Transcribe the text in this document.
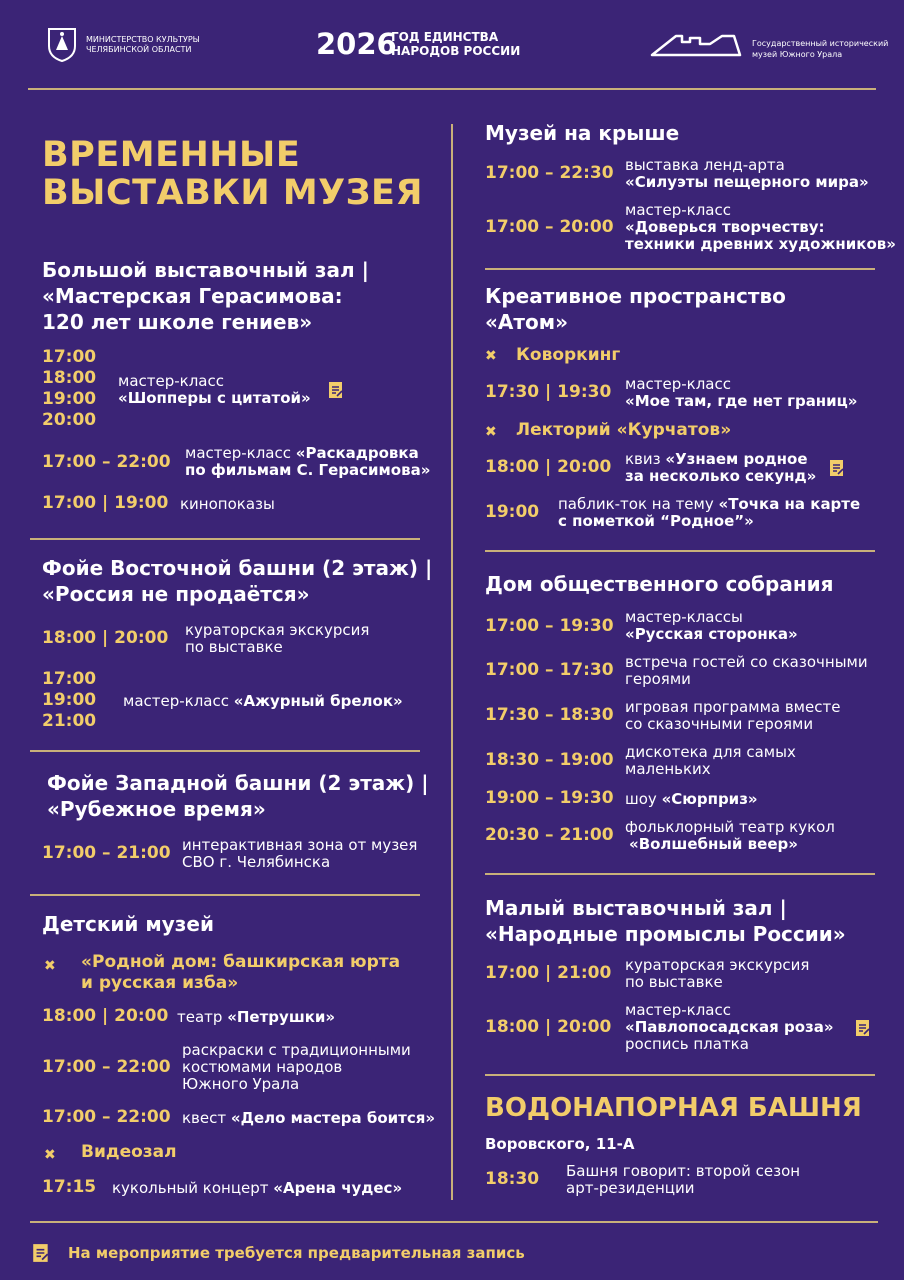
МИНИСТЕРСТВО КУЛЬТУРЫ
ЧЕЛЯБИНСКОЙ ОБЛАСТИ	2026
ГОД ЕДИНСТВА
НАРОДОВ РОССИИ
Государственный исторический
музей Южного Урала
ВРЕМЕННЫЕ
ВЫСТАВКИ МУЗЕЯ
Большой выставочный зал |
«Мастерская Герасимова:
120 лет школе гениев»
17:00
18:00
19:00
20:00
мастер-класс
«Шопперы с цитатой»
17:00 – 22:00 мастер-класс «Раскадровка
по фильмам С. Герасимова»
17:00 | 19:00 кинопоказы
Фойе Восточной башни (2 этаж) |
«Россия не продаётся»
18:00 | 20:00 кураторская экскурсия
по выставке
17:00
19:00
21:00
мастер-класс «Ажурный брелок»
Фойе Западной башни (2 этаж) |
«Рубежное время»
17:00 – 21:00 интерактивная зона от музея
СВО г. Челябинска
Детский музей
✖ «Родной дом: башкирская юрта
и русская изба»
18:00 | 20:00 театр «Петрушки»
17:00 – 22:00
раскраски с традиционными
костюмами народов
Южного Урала
17:00 – 22:00 квест «Дело мастера боится»
✖ Видеозал
17:15 кукольный концерт «Арена чудес»
Музей на крыше
17:00 – 22:30 выставка ленд-арта
«Силуэты пещерного мира»
17:00 – 20:00
мастер-класс
«Доверься творчеству:
техники древних художников»
Креативное пространство
«Атом»
✖ Коворкинг
17:30 | 19:30 мастер-класс
«Мое там, где нет границ»
✖ Лекторий «Курчатов»
18:00 | 20:00 квиз «Узнаем родное
за несколько секунд»
19:00 паблик-ток на тему «Точка на карте
с пометкой “Родное”»
Дом общественного собрания
17:00 – 19:30 мастер-классы
«Русская сторонка»
17:00 – 17:30 встреча гостей со сказочными
героями
17:30 – 18:30 игровая программа вместе
со сказочными героями
18:30 – 19:00 дискотека для самых
маленьких
19:00 – 19:30 шоу «Сюрприз»
20:30 – 21:00 фольклорный театр кукол
«Волшебный веер»
Малый выставочный зал |
«Народные промыслы России»
17:00 | 21:00 кураторская экскурсия
по выставке
18:00 | 20:00
мастер-класс
«Павлопосадская роза»
роспись платка
ВОДОНАПОРНАЯ БАШНЯ
Воровского, 11-А
18:30 Башня говорит: второй сезон
арт-резиденции
На мероприятие требуется предварительная запись
